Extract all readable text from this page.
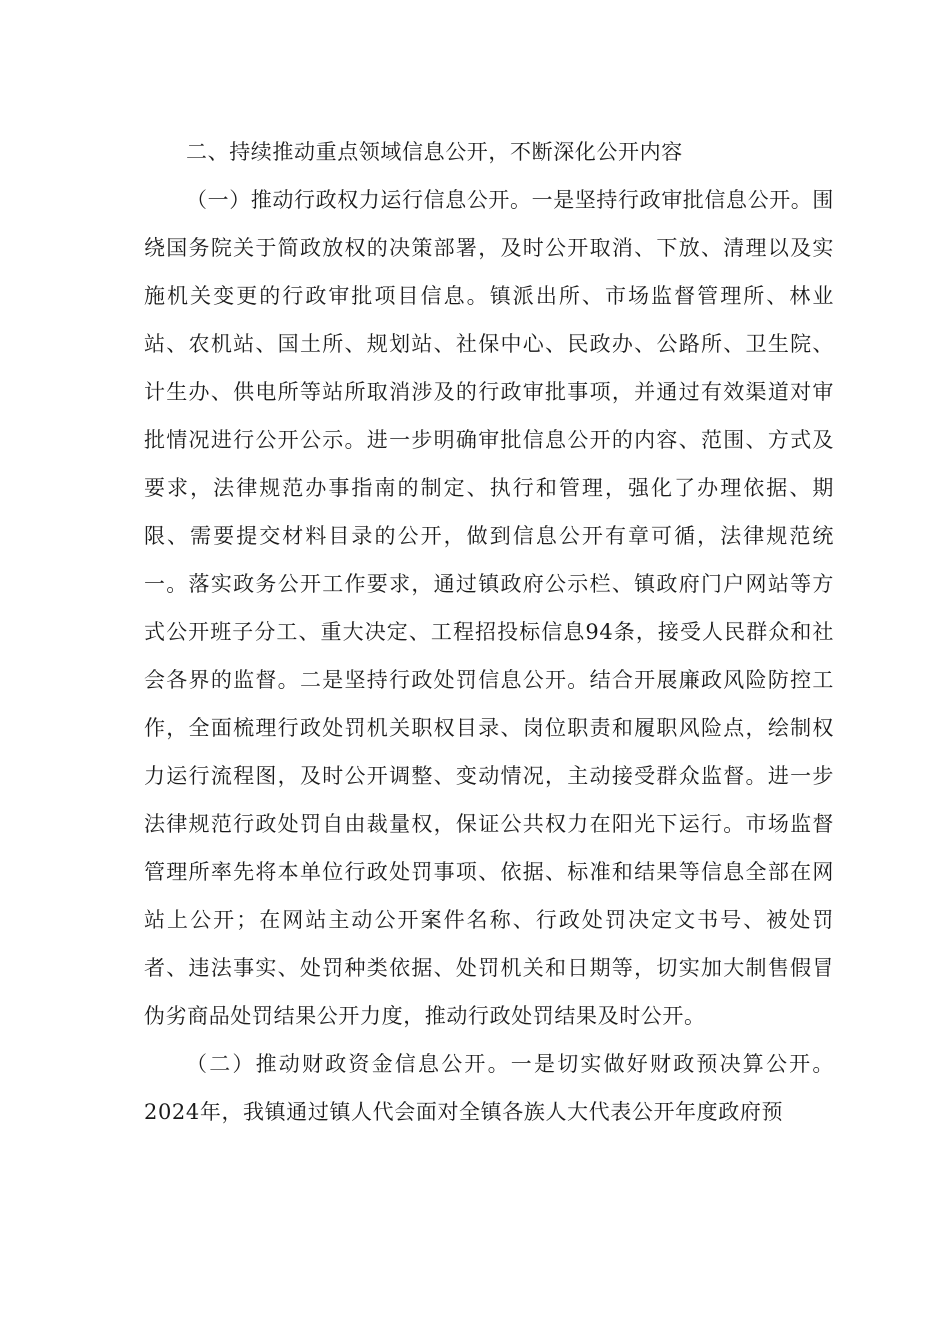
二、持续推动重点领域信息公开，不断深化公开内容

（一）推动行政权力运行信息公开。一是坚持行政审批信息公开。围绕国务院关于简政放权的决策部署，及时公开取消、下放、清理以及实施机关变更的行政审批项目信息。镇派出所、市场监督管理所、林业站、农机站、国土所、规划站、社保中心、民政办、公路所、卫生院、计生办、供电所等站所取消涉及的行政审批事项，并通过有效渠道对审批情况进行公开公示。进一步明确审批信息公开的内容、范围、方式及要求，法律规范办事指南的制定、执行和管理，强化了办理依据、期限、需要提交材料目录的公开，做到信息公开有章可循，法律规范统一。落实政务公开工作要求，通过镇政府公示栏、镇政府门户网站等方式公开班子分工、重大决定、工程招投标信息94条，接受人民群众和社会各界的监督。二是坚持行政处罚信息公开。结合开展廉政风险防控工作，全面梳理行政处罚机关职权目录、岗位职责和履职风险点，绘制权力运行流程图，及时公开调整、变动情况，主动接受群众监督。进一步法律规范行政处罚自由裁量权，保证公共权力在阳光下运行。市场监督管理所率先将本单位行政处罚事项、依据、标准和结果等信息全部在网站上公开；在网站主动公开案件名称、行政处罚决定文书号、被处罚者、违法事实、处罚种类依据、处罚机关和日期等，切实加大制售假冒伪劣商品处罚结果公开力度，推动行政处罚结果及时公开。

（二）推动财政资金信息公开。一是切实做好财政预决算公开。2024年，我镇通过镇人代会面对全镇各族人大代表公开年度政府预
